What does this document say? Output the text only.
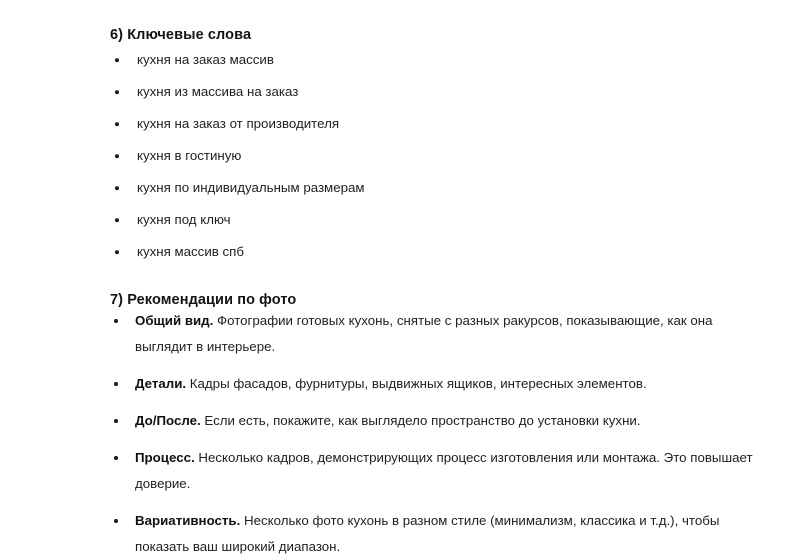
6) Ключевые слова
кухня на заказ массив
кухня из массива на заказ
кухня на заказ от производителя
кухня в гостиную
кухня по индивидуальным размерам
кухня под ключ
кухня массив спб
7) Рекомендации по фото
Общий вид. Фотографии готовых кухонь, снятые с разных ракурсов, показывающие, как она выглядит в интерьере.
Детали. Кадры фасадов, фурнитуры, выдвижных ящиков, интересных элементов.
До/После. Если есть, покажите, как выглядело пространство до установки кухни.
Процесс. Несколько кадров, демонстрирующих процесс изготовления или монтажа. Это повышает доверие.
Вариативность. Несколько фото кухонь в разном стиле (минимализм, классика и т.д.), чтобы показать ваш широкий диапазон.
